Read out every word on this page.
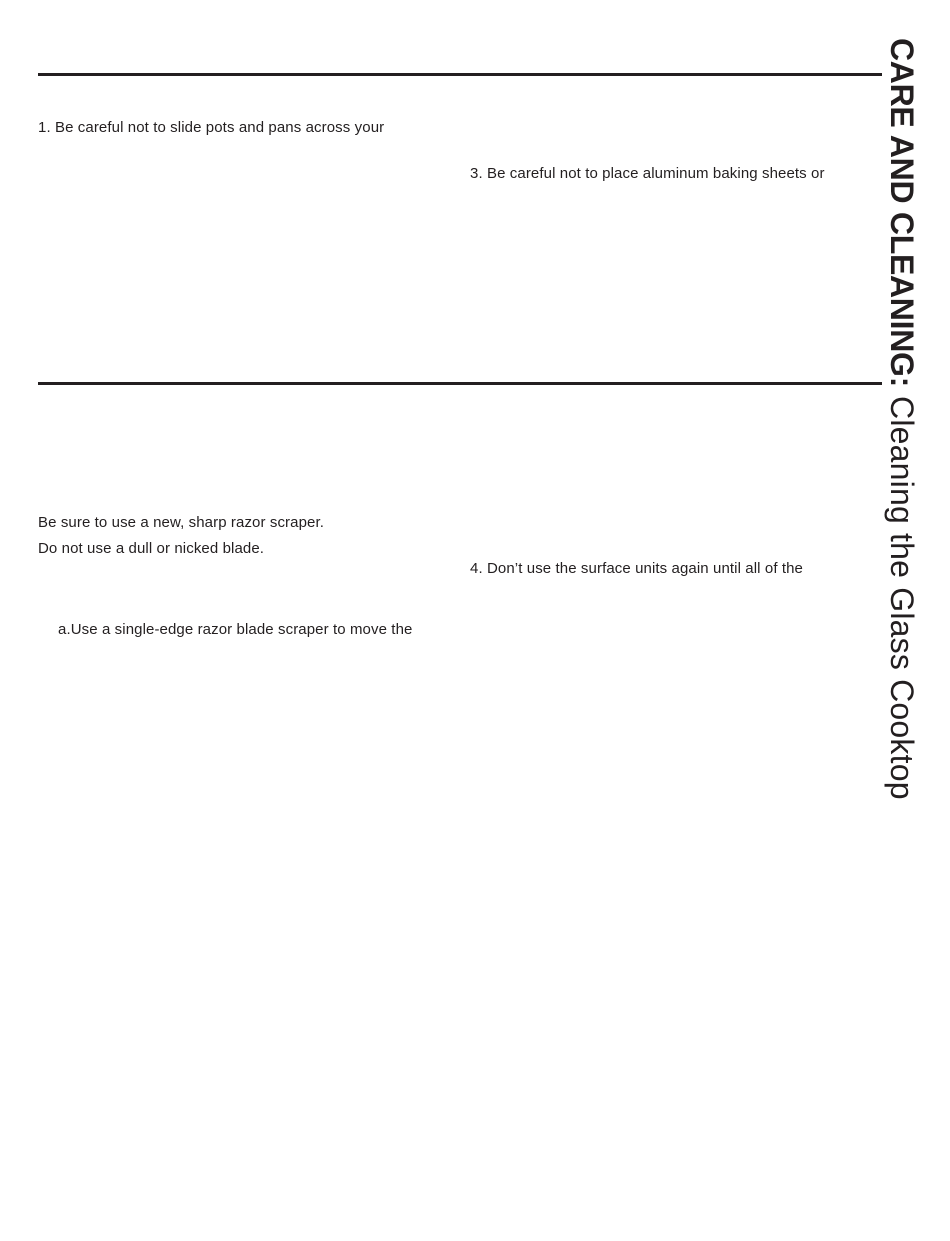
1. Be careful not to slide pots and pans across your
3. Be careful not to place aluminum baking sheets or
Be sure to use a new, sharp razor scraper.
Do not use a dull or nicked blade.
4. Don’t use the surface units again until all of the
a.Use a single-edge razor blade scraper to move the
CARE AND CLEANING: Cleaning the Glass Cooktop
